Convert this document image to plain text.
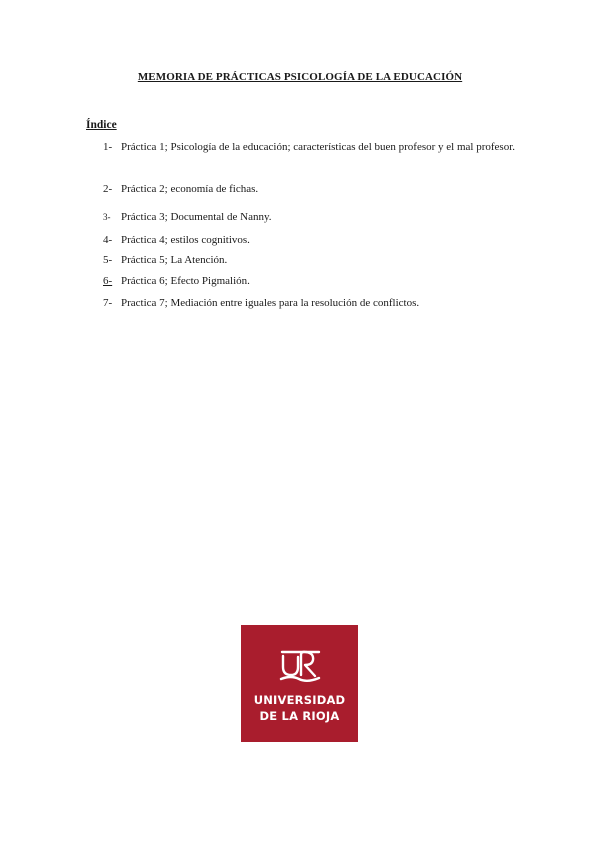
MEMORIA DE PRÁCTICAS PSICOLOGÍA DE LA EDUCACIÓN
Índice
1- Práctica 1; Psicología de la educación; características del buen profesor y el mal profesor.
2- Práctica 2; economía de fichas.
3- Práctica 3; Documental de Nanny.
4- Práctica 4; estilos cognitivos.
5- Práctica 5; La Atención.
6- Práctica 6; Efecto Pigmalión.
7- Practica 7; Mediación entre iguales para la resolución de conflictos.
UNIVERSIDAD
DE LA RIOJA
